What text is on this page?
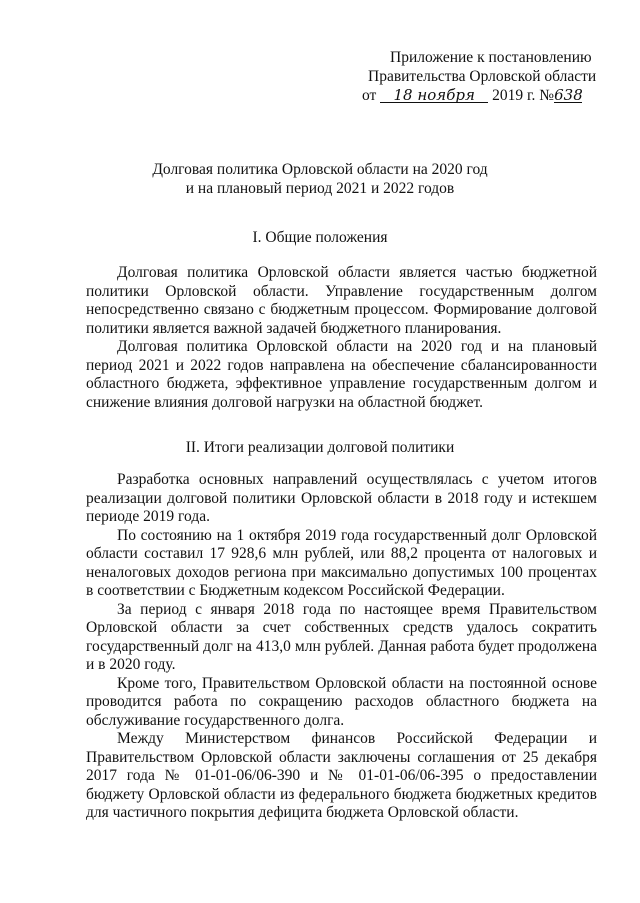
Приложение к постановлению
Правительства Орловской области
от 18 ноября 2019 г. №638
Долговая политика Орловской области на 2020 год
и на плановый период 2021 и 2022 годов
I. Общие положения

Долговая политика Орловской области является частью бюджетной политики Орловской области. Управление государственным долгом непосредственно связано с бюджетным процессом. Формирование долговой политики является важной задачей бюджетного планирования.

Долговая политика Орловской области на 2020 год и на плановый период 2021 и 2022 годов направлена на обеспечение сбалансированности областного бюджета, эффективное управление государственным долгом и снижение влияния долговой нагрузки на областной бюджет.

II. Итоги реализации долговой политики

Разработка основных направлений осуществлялась с учетом итогов реализации долговой политики Орловской области в 2018 году и истекшем периоде 2019 года.

По состоянию на 1 октября 2019 года государственный долг Орловской области составил 17 928,6 млн рублей, или 88,2 процента от налоговых и неналоговых доходов региона при максимально допустимых 100 процентах в соответствии с Бюджетным кодексом Российской Федерации.

За период с января 2018 года по настоящее время Правительством Орловской области за счет собственных средств удалось сократить государственный долг на 413,0 млн рублей. Данная работа будет продолжена и в 2020 году.

Кроме того, Правительством Орловской области на постоянной основе проводится работа по сокращению расходов областного бюджета на обслуживание государственного долга.

Между Министерством финансов Российской Федерации и Правительством Орловской области заключены соглашения от 25 декабря 2017 года № 01-01-06/06-390 и № 01-01-06/06-395 о предоставлении бюджету Орловской области из федерального бюджета бюджетных кредитов для частичного покрытия дефицита бюджета Орловской области.
